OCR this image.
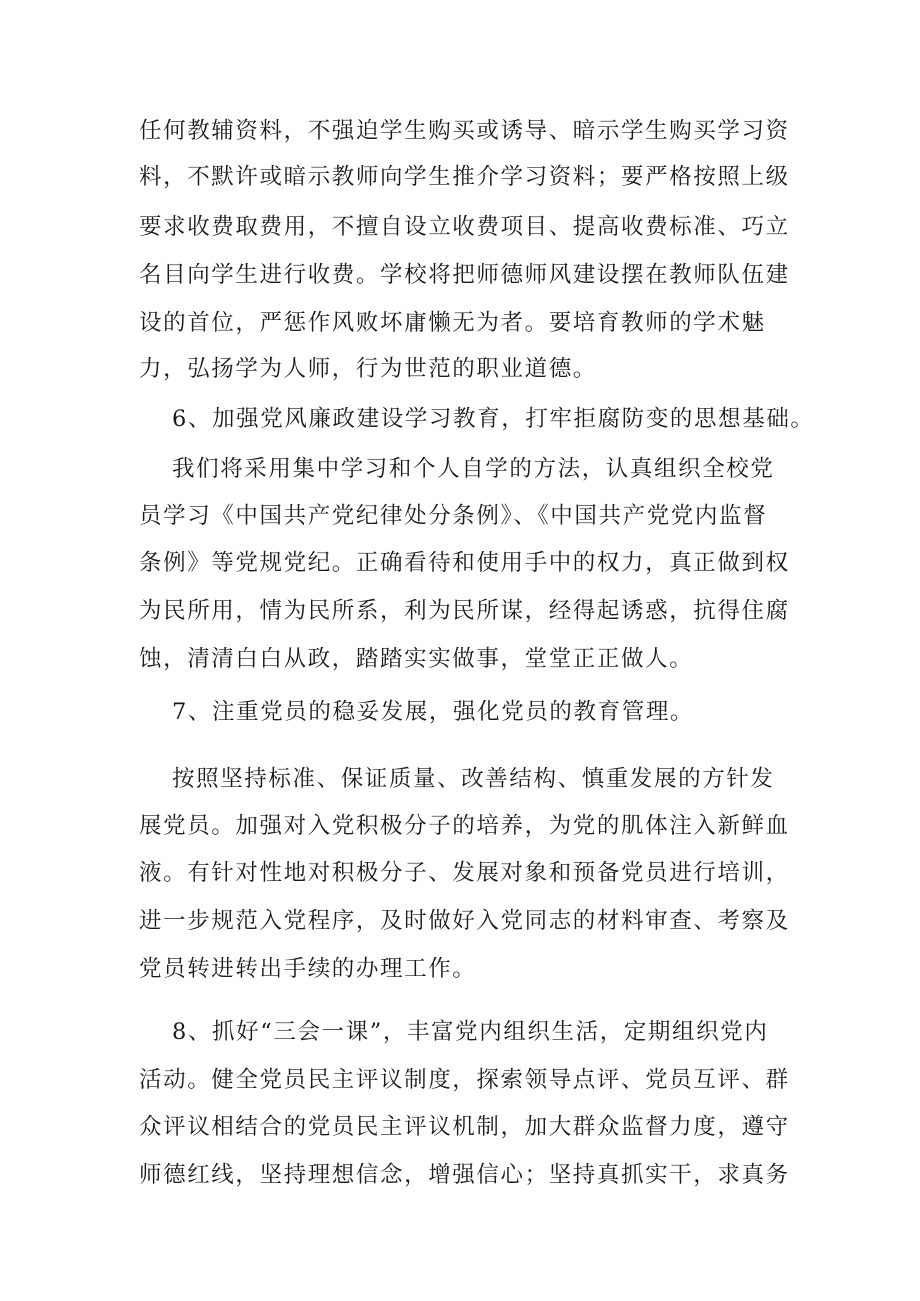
任何教辅资料，不强迫学生购买或诱导、暗示学生购买学习资

料，不默许或暗示教师向学生推介学习资料；要严格按照上级

要求收费取费用，不擅自设立收费项目、提高收费标准、巧立

名目向学生进行收费。学校将把师德师风建设摆在教师队伍建

设的首位，严惩作风败坏庸懒无为者。要培育教师的学术魅

力，弘扬学为人师，行为世范的职业道德。

6、加强党风廉政建设学习教育，打牢拒腐防变的思想基础。

我们将采用集中学习和个人自学的方法，认真组织全校党

员学习《中国共产党纪律处分条例》、《中国共产党党内监督

条例》等党规党纪。正确看待和使用手中的权力，真正做到权

为民所用，情为民所系，利为民所谋，经得起诱惑，抗得住腐

蚀，清清白白从政，踏踏实实做事，堂堂正正做人。

7、注重党员的稳妥发展，强化党员的教育管理。

按照坚持标准、保证质量、改善结构、慎重发展的方针发

展党员。加强对入党积极分子的培养，为党的肌体注入新鲜血

液。有针对性地对积极分子、发展对象和预备党员进行培训，

进一步规范入党程序，及时做好入党同志的材料审查、考察及

党员转进转出手续的办理工作。

8、抓好“三会一课”，丰富党内组织生活，定期组织党内

活动。健全党员民主评议制度，探索领导点评、党员互评、群

众评议相结合的党员民主评议机制，加大群众监督力度，遵守

师德红线，坚持理想信念，增强信心；坚持真抓实干，求真务
